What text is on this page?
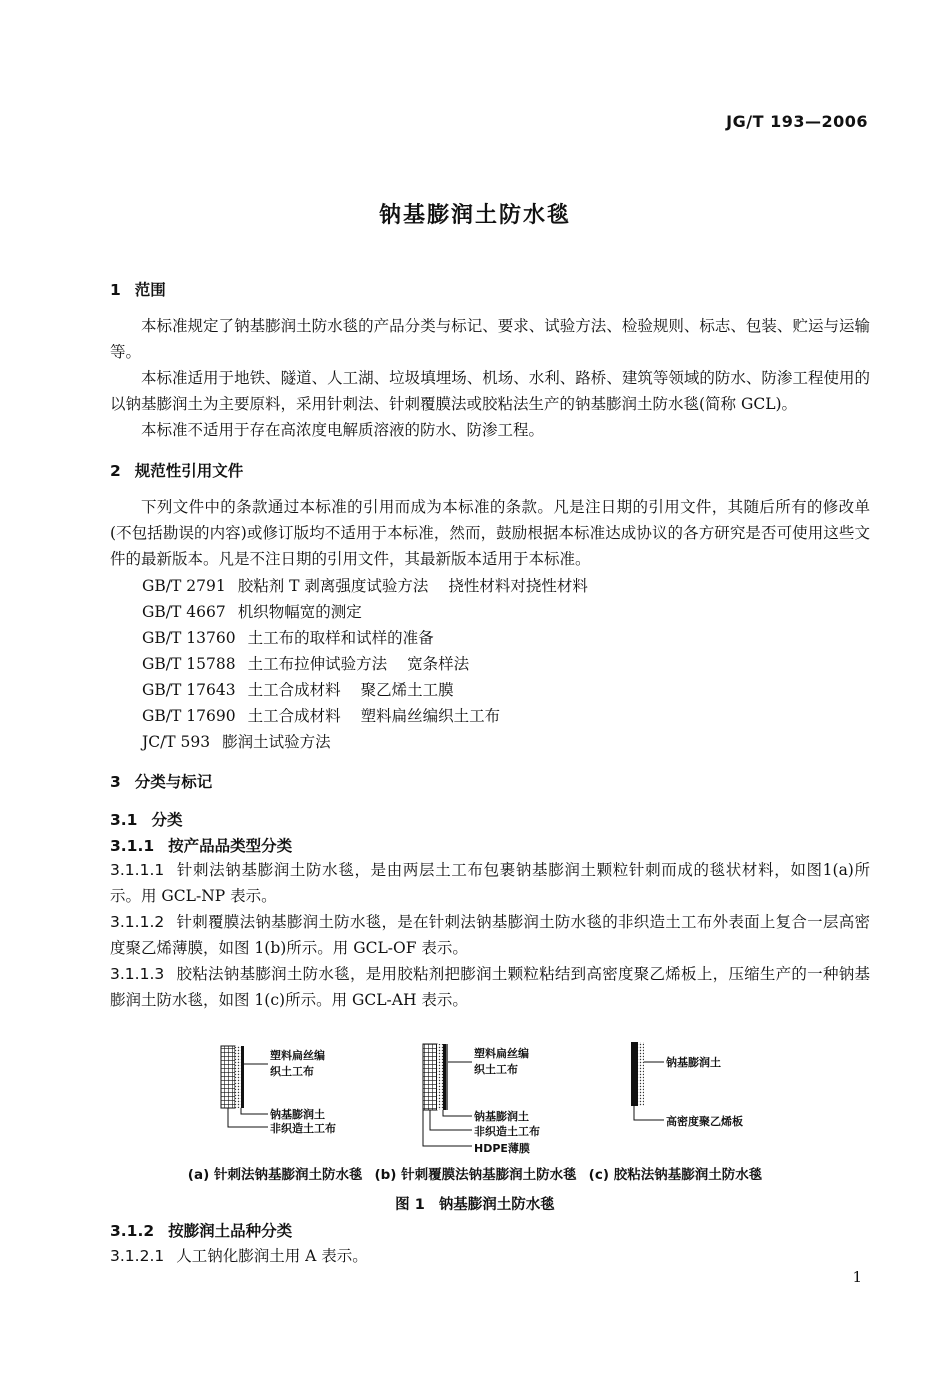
JG/T 193—2006
钠基膨润土防水毯
1 范围
本标准规定了钠基膨润土防水毯的产品分类与标记、要求、试验方法、检验规则、标志、包装、贮运与运输等。
本标准适用于地铁、隧道、人工湖、垃圾填埋场、机场、水利、路桥、建筑等领域的防水、防渗工程使用的以钠基膨润土为主要原料，采用针刺法、针刺覆膜法或胶粘法生产的钠基膨润土防水毯(简称 GCL)。
本标准不适用于存在高浓度电解质溶液的防水、防渗工程。
2 规范性引用文件
下列文件中的条款通过本标准的引用而成为本标准的条款。凡是注日期的引用文件，其随后所有的修改单(不包括勘误的内容)或修订版均不适用于本标准，然而，鼓励根据本标准达成协议的各方研究是否可使用这些文件的最新版本。凡是不注日期的引用文件，其最新版本适用于本标准。
GB/T 2791 胶粘剂 T 剥离强度试验方法 挠性材料对挠性材料
GB/T 4667 机织物幅宽的测定
GB/T 13760 土工布的取样和试样的准备
GB/T 15788 土工布拉伸试验方法 宽条样法
GB/T 17643 土工合成材料 聚乙烯土工膜
GB/T 17690 土工合成材料 塑料扁丝编织土工布
JC/T 593 膨润土试验方法
3 分类与标记
3.1 分类
3.1.1 按产品品类型分类
3.1.1.1 针刺法钠基膨润土防水毯，是由两层土工布包裹钠基膨润土颗粒针刺而成的毯状材料，如图1(a)所示。用 GCL-NP 表示。
3.1.1.2 针刺覆膜法钠基膨润土防水毯，是在针刺法钠基膨润土防水毯的非织造土工布外表面上复合一层高密度聚乙烯薄膜，如图 1(b)所示。用 GCL-OF 表示。
3.1.1.3 胶粘法钠基膨润土防水毯，是用胶粘剂把膨润土颗粒粘结到高密度聚乙烯板上，压缩生产的一种钠基膨润土防水毯，如图 1(c)所示。用 GCL-AH 表示。
塑料扁丝编
织土工布
钠基膨润土
非织造土工布
塑料扁丝编
织土工布
钠基膨润土
非织造土工布
HDPE薄膜
钠基膨润土
高密度聚乙烯板
(a) 针刺法钠基膨润土防水毯 (b) 针刺覆膜法钠基膨润土防水毯 (c) 胶粘法钠基膨润土防水毯
图 1 钠基膨润土防水毯
3.1.2 按膨润土品种分类
3.1.2.1 人工钠化膨润土用 A 表示。
1
